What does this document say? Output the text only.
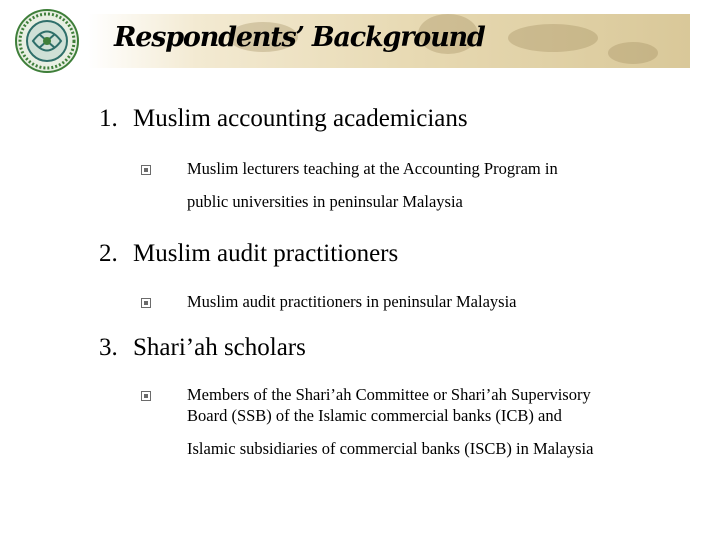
Respondents’ Background
1. Muslim accounting academicians
Muslim lecturers teaching at the Accounting Program in
public universities in peninsular Malaysia
2. Muslim audit practitioners
Muslim audit practitioners in peninsular Malaysia
3. Shari’ah scholars
Members of the Shari’ah Committee or Shari’ah Supervisory
Board (SSB) of the Islamic commercial banks (ICB) and
Islamic subsidiaries of commercial banks (ISCB) in Malaysia
